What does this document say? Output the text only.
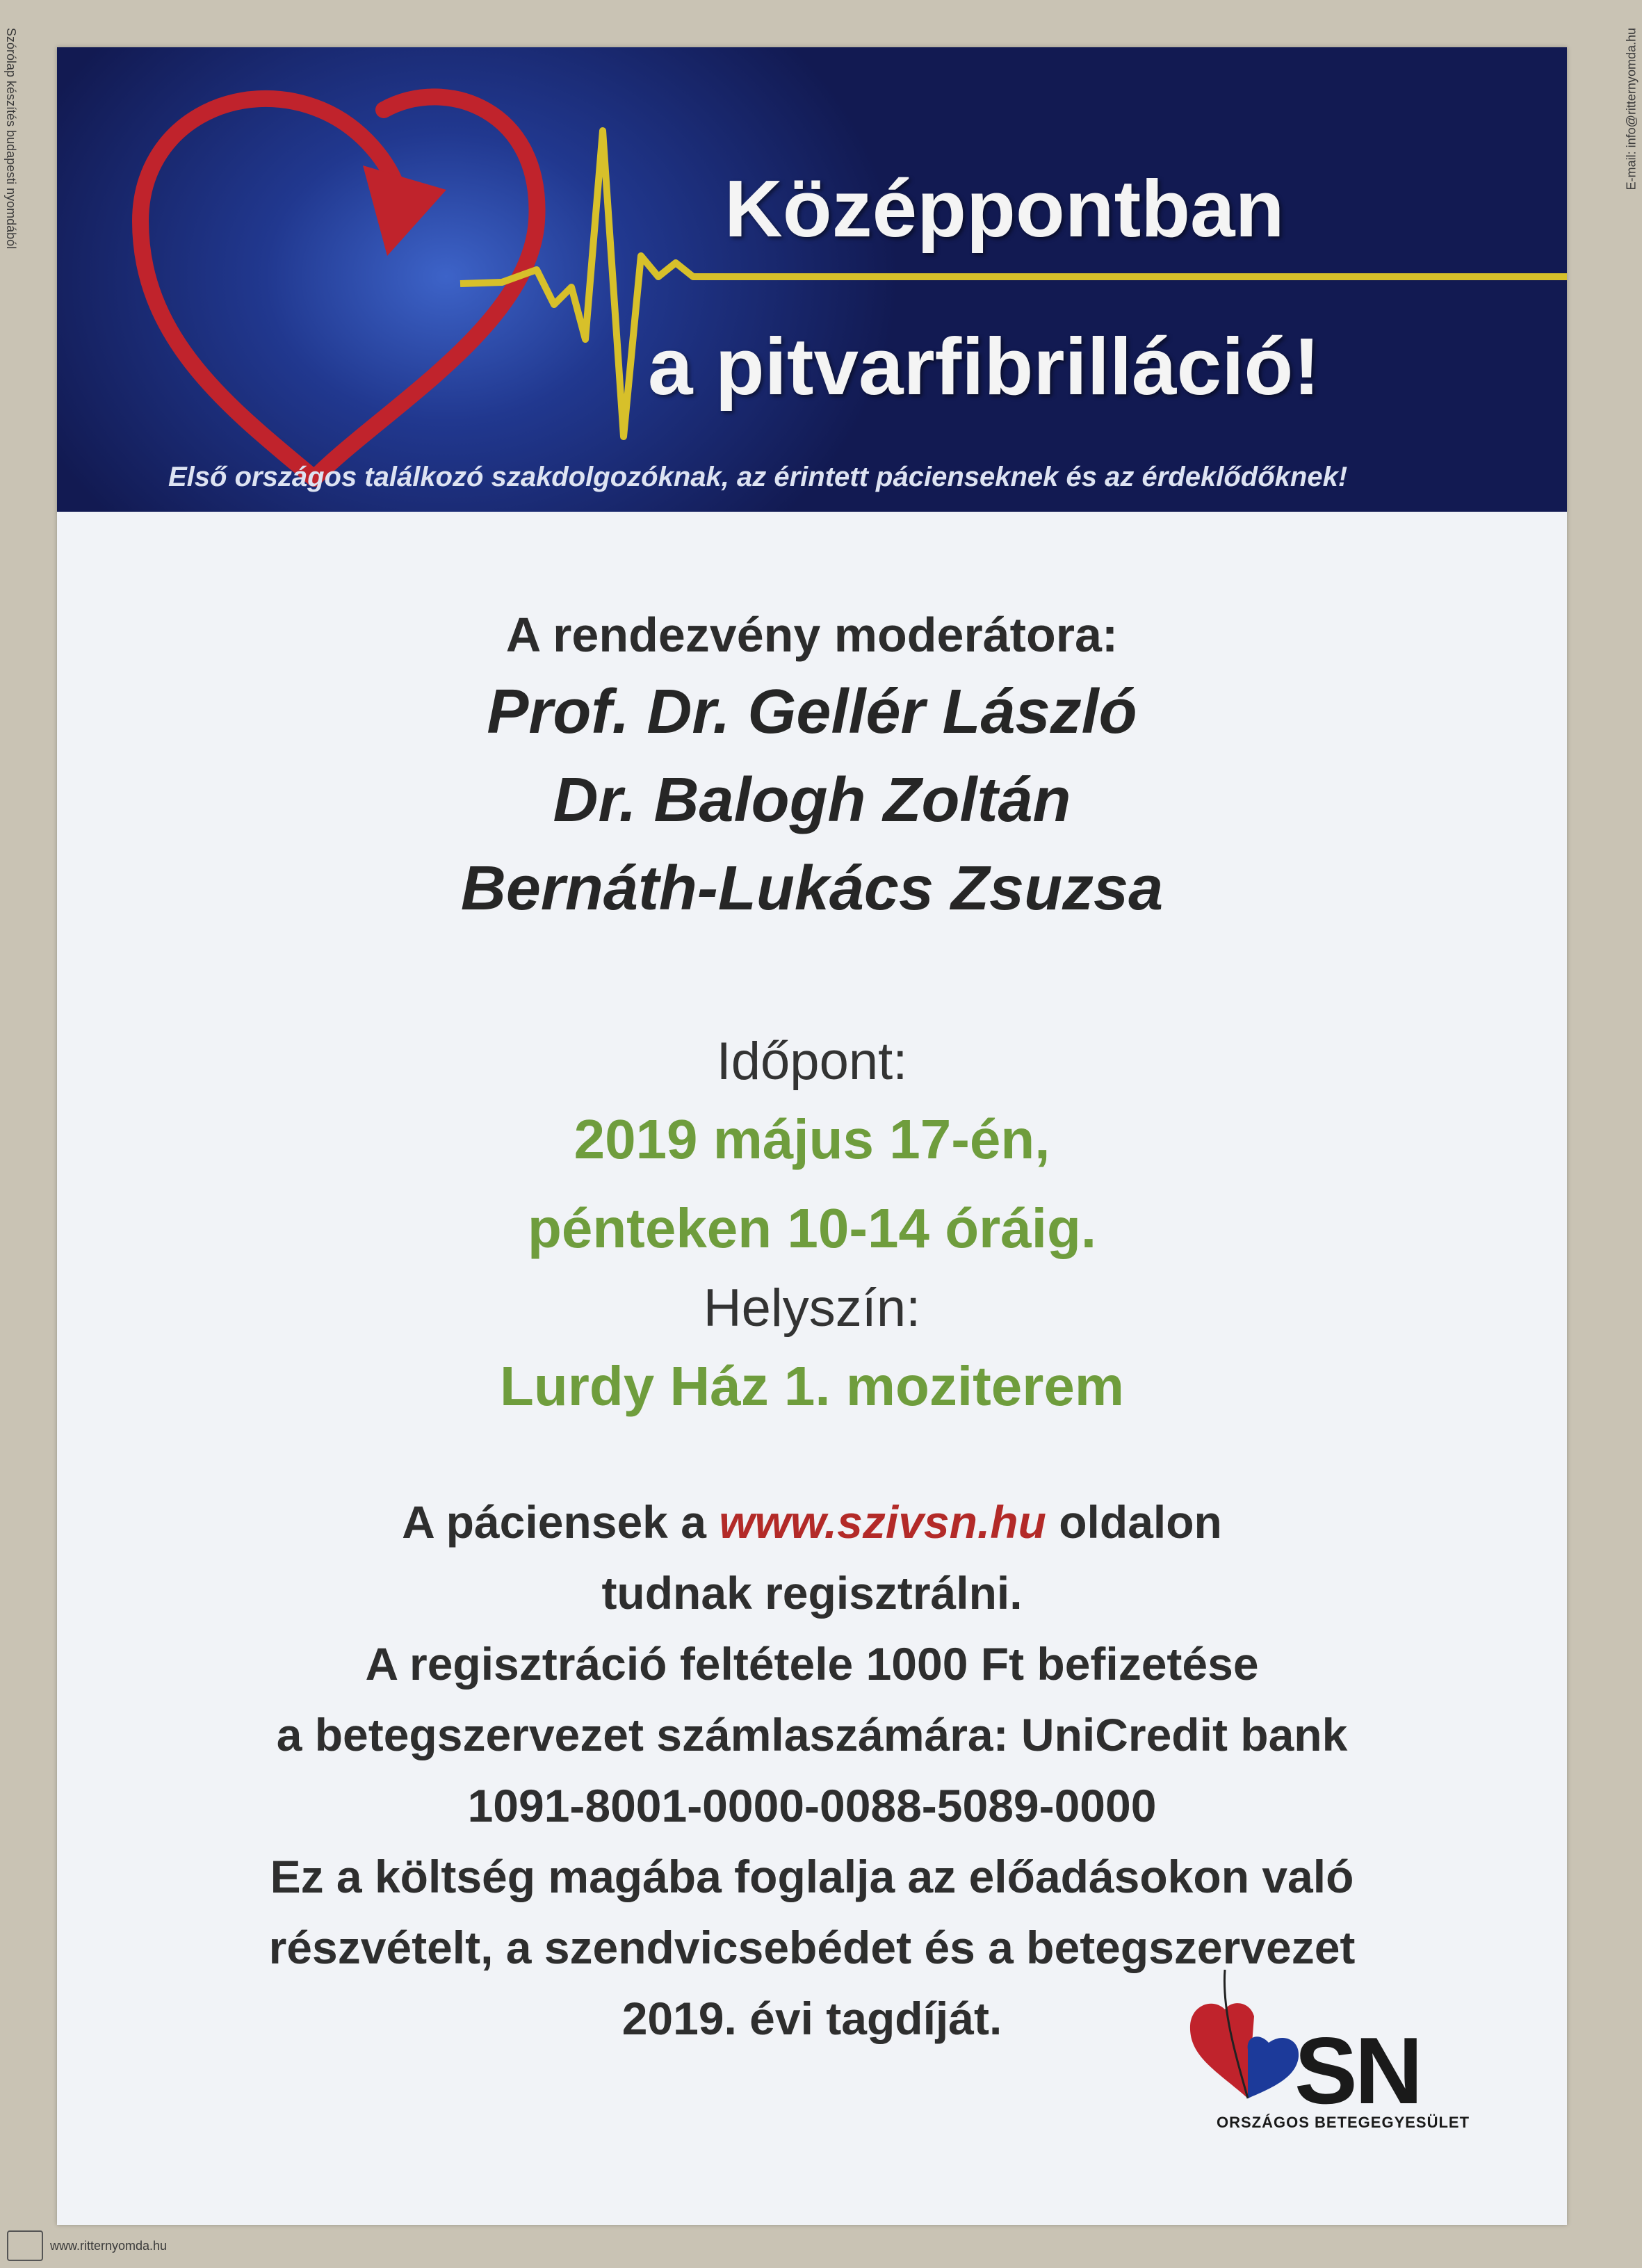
Szórólap készítés budapesti nyomdából	E-mail: info@ritternyomda.hu
www.ritternyomda.hu
Középpontban
a pitvarfibrilláció!
Első országos találkozó szakdolgozóknak, az érintett pácienseknek és az érdeklődőknek!
A rendezvény moderátora:
Prof. Dr. Gellér László
Dr. Balogh Zoltán
Bernáth-Lukács Zsuzsa
Időpont:
2019 május 17-én,
pénteken 10-14 óráig.
Helyszín:
Lurdy Ház 1. moziterem
A páciensek a www.szivsn.hu oldalon
tudnak regisztrálni.
A regisztráció feltétele 1000 Ft befizetése
a betegszervezet számlaszámára: UniCredit bank
1091-8001-0000-0088-5089-0000
Ez a költség magába foglalja az előadásokon való
részvételt, a szendvicsebédet és a betegszervezet
2019. évi tagdíját.	SN
ORSZÁGOS BETEGEGYESÜLET
